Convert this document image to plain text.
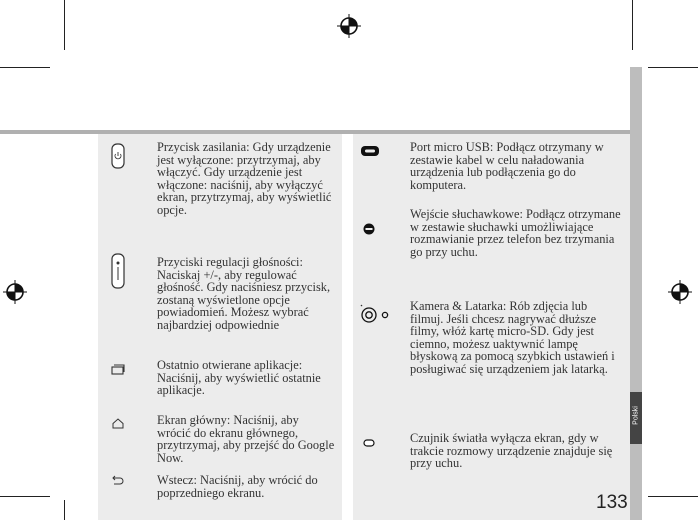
Polski
Przycisk zasilania: Gdy urządzenie jest wyłączone: przytrzymaj, aby włączyć. Gdy urządzenie jest włączone: naciśnij, aby wyłączyć ekran, przytrzymaj, aby wyświetlić opcje.
Przyciski regulacji głośności: Naciskaj +/-, aby regulować głośność. Gdy naciśniesz przycisk, zostaną wyświetlone opcje powiadomień. Możesz wybrać najbardziej odpowiednie
Ostatnio otwierane aplikacje: Naciśnij, aby wyświetlić ostatnie aplikacje.
Ekran główny: Naciśnij, aby wrócić do ekranu głównego, przytrzymaj, aby przejść do Google Now.
Wstecz: Naciśnij, aby wrócić do poprzedniego ekranu.
Port micro USB: Podłącz otrzymany w zestawie kabel w celu naładowania urządzenia lub podłączenia go do komputera.
Wejście słuchawkowe: Podłącz otrzymane w zestawie słuchawki umożliwiające rozmawianie przez telefon bez trzymania go przy uchu.
Kamera & Latarka: Rób zdjęcia lub filmuj. Jeśli chcesz nagrywać dłuższe filmy, włóż kartę micro-SD. Gdy jest ciemno, możesz uaktywnić lampę błyskową za pomocą szybkich ustawień i posługiwać się urządzeniem jak latarką.
Czujnik światła wyłącza ekran, gdy w trakcie rozmowy urządzenie znajduje się przy uchu.
133
